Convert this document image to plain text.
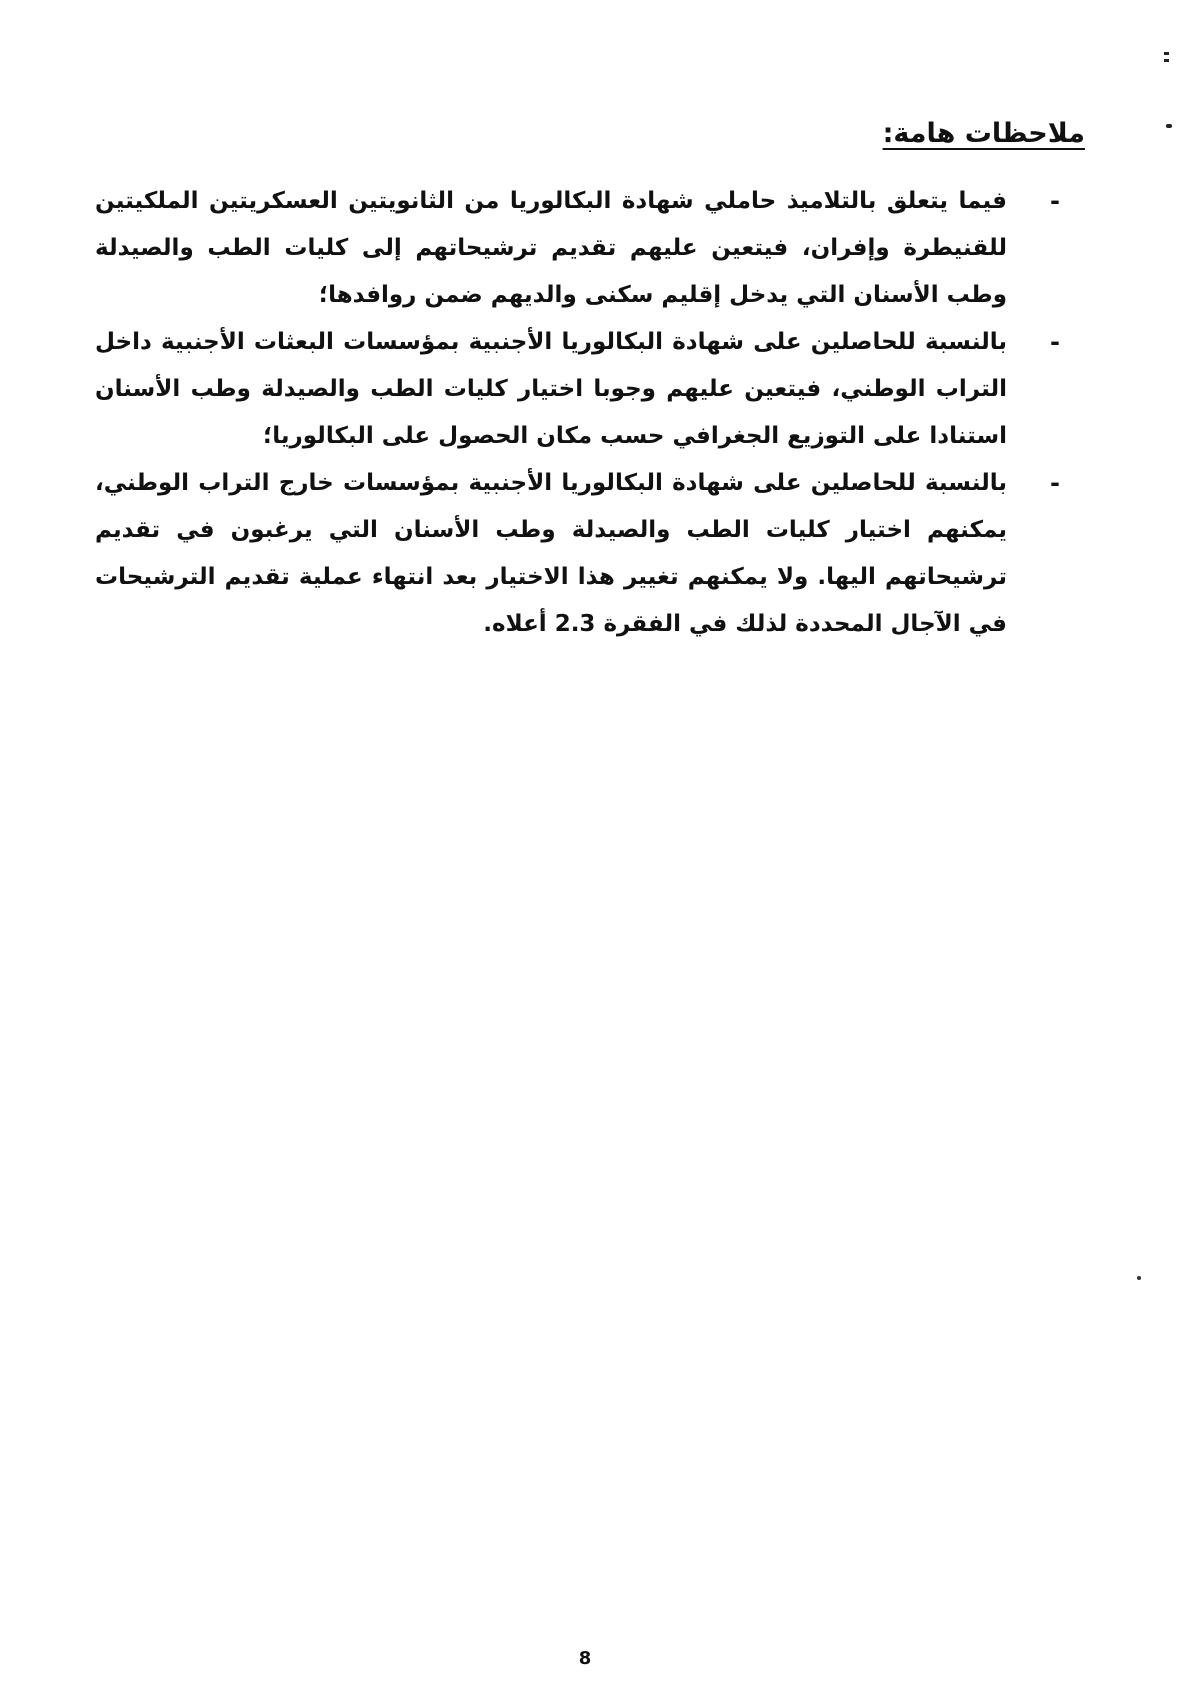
ملاحظات هامة:
-
فيما يتعلق بالتلاميذ حاملي شهادة البكالوريا من الثانويتين العسكريتين الملكيتين للقنيطرة وإفران، فيتعين عليهم تقديم ترشيحاتهم إلى كليات الطب والصيدلة وطب الأسنان التي يدخل إقليم سكنى والديهم ضمن روافدها؛
-
بالنسبة للحاصلين على شهادة البكالوريا الأجنبية بمؤسسات البعثات الأجنبية داخل التراب الوطني، فيتعين عليهم وجوبا اختيار كليات الطب والصيدلة وطب الأسنان استنادا على التوزيع الجغرافي حسب مكان الحصول على البكالوريا؛
-
بالنسبة للحاصلين على شهادة البكالوريا الأجنبية بمؤسسات خارج التراب الوطني، يمكنهم اختيار كليات الطب والصيدلة وطب الأسنان التي يرغبون في تقديم ترشيحاتهم اليها. ولا يمكنهم تغيير هذا الاختيار بعد انتهاء عملية تقديم الترشيحات في الآجال المحددة لذلك في الفقرة 2.3 أعلاه.
8
